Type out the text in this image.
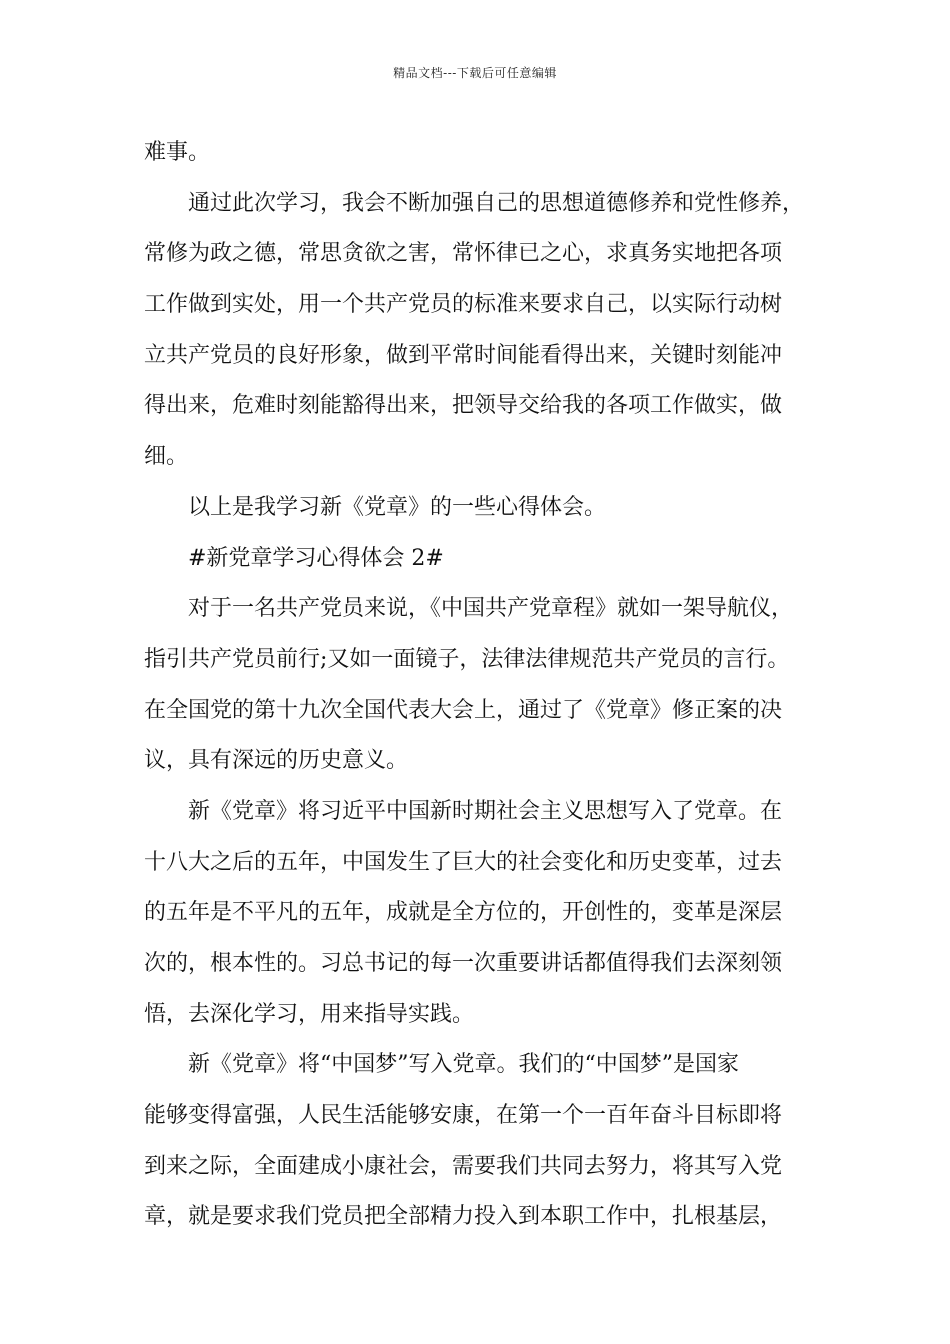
精品文档---下载后可任意编辑
难事。
通过此次学习，我会不断加强自己的思想道德修养和党性修养，
常修为政之德，常思贪欲之害，常怀律已之心，求真务实地把各项
工作做到实处，用一个共产党员的标准来要求自己，以实际行动树
立共产党员的良好形象，做到平常时间能看得出来，关键时刻能冲
得出来，危难时刻能豁得出来，把领导交给我的各项工作做实，做
细。
以上是我学习新《党章》的一些心得体会。
#新党章学习心得体会 2#
对于一名共产党员来说，《中国共产党章程》就如一架导航仪，
指引共产党员前行;又如一面镜子，法律法律规范共产党员的言行。
在全国党的第十九次全国代表大会上，通过了《党章》修正案的决
议，具有深远的历史意义。
新《党章》将习近平中国新时期社会主义思想写入了党章。在
十八大之后的五年，中国发生了巨大的社会变化和历史变革，过去
的五年是不平凡的五年，成就是全方位的，开创性的，变革是深层
次的，根本性的。习总书记的每一次重要讲话都值得我们去深刻领
悟，去深化学习，用来指导实践。
新《党章》将“中国梦”写入党章。我们的“中国梦”是国家
能够变得富强，人民生活能够安康，在第一个一百年奋斗目标即将
到来之际，全面建成小康社会，需要我们共同去努力，将其写入党
章，就是要求我们党员把全部精力投入到本职工作中，扎根基层，
